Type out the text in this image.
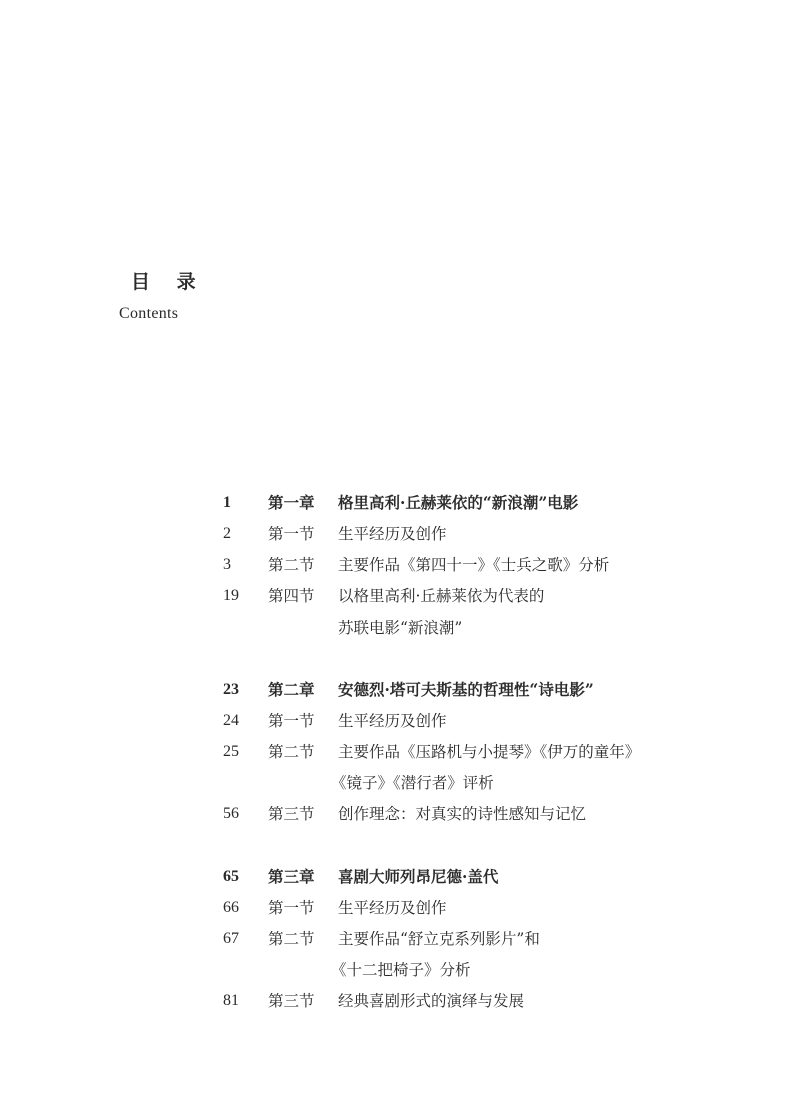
目 录
Contents
1 第一章 格里高利·丘赫莱依的“新浪潮”电影
2 第一节 生平经历及创作
3 第二节 主要作品《第四十一》《士兵之歌》分析
19 第四节 以格里高利·丘赫莱依为代表的
苏联电影“新浪潮”
23 第二章 安德烈·塔可夫斯基的哲理性“诗电影”
24 第一节 生平经历及创作
25 第二节 主要作品《压路机与小提琴》《伊万的童年》
《镜子》《潜行者》评析
56 第三节 创作理念：对真实的诗性感知与记忆
65 第三章 喜剧大师列昂尼德·盖代
66 第一节 生平经历及创作
67 第二节 主要作品“舒立克系列影片”和
《十二把椅子》分析
81 第三节 经典喜剧形式的演绎与发展
